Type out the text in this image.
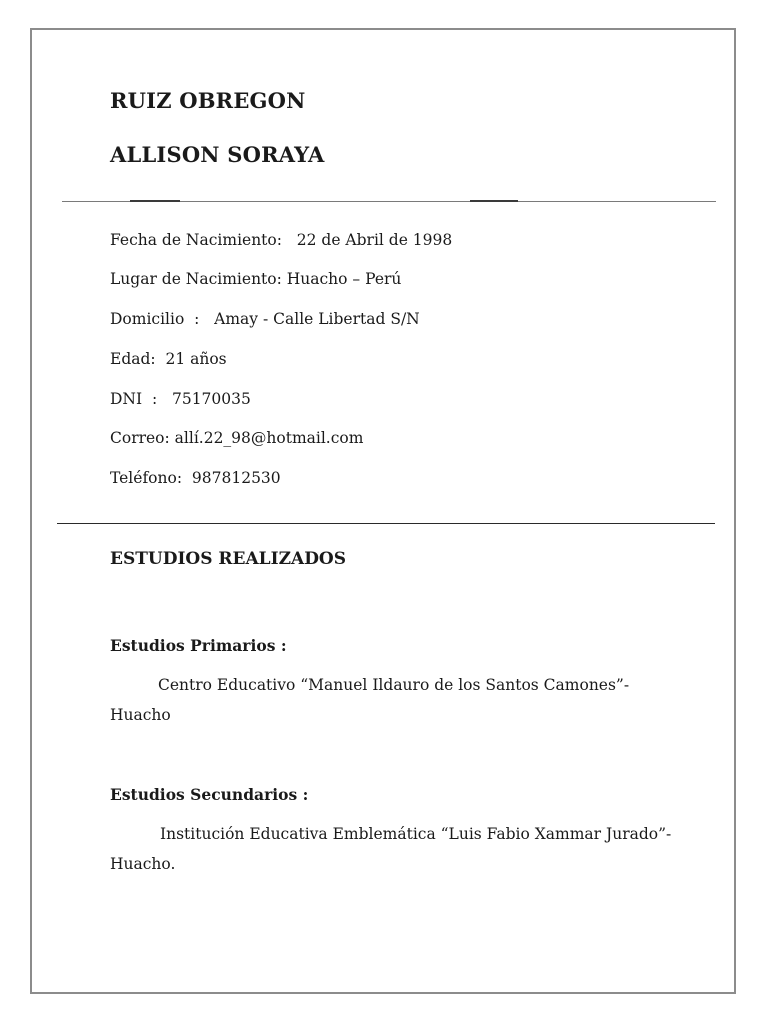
RUIZ OBREGON
ALLISON SORAYA

Fecha de Nacimiento:   22 de Abril de 1998

Lugar de Nacimiento: Huacho – Perú

Domicilio  :   Amay - Calle Libertad S/N

Edad:  21 años

DNI  :   75170035

Correo: allí.22_98@hotmail.com

Teléfono:  987812530

ESTUDIOS REALIZADOS
Estudios Primarios :

Centro Educativo “Manuel Ildauro de los Santos Camones”-

Huacho

Estudios Secundarios :

Institución Educativa Emblemática “Luis Fabio Xammar Jurado”-

Huacho.
